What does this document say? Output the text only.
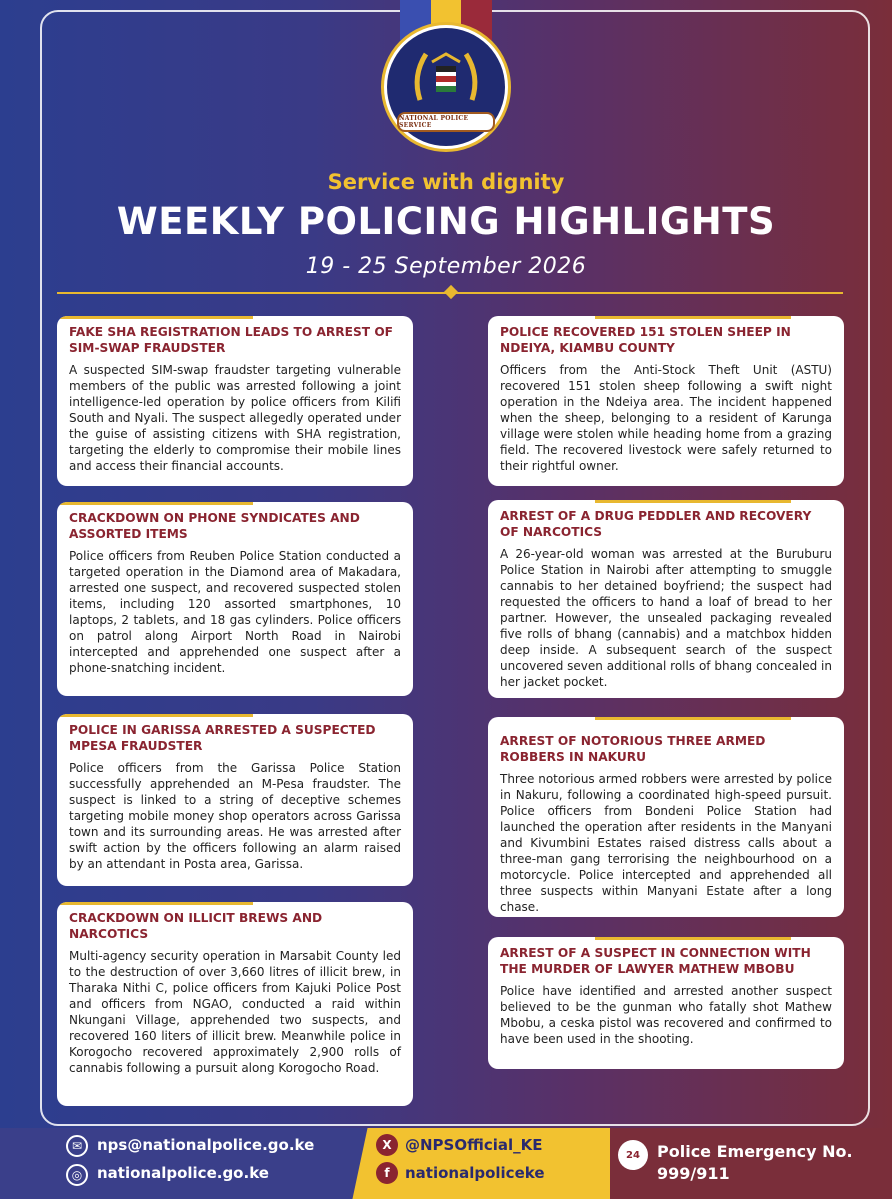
NATIONAL POLICE SERVICE
Service with dignity
WEEKLY POLICING HIGHLIGHTS
19 - 25 September 2026
FAKE SHA REGISTRATION LEADS TO ARREST OF SIM-SWAP FRAUDSTER

A suspected SIM-swap fraudster targeting vulnerable members of the public was arrested following a joint intelligence-led operation by police officers from Kilifi South and Nyali. The suspect allegedly operated under the guise of assisting citizens with SHA registration, targeting the elderly to compromise their mobile lines and access their financial accounts.

CRACKDOWN ON PHONE SYNDICATES AND ASSORTED ITEMS

Police officers from Reuben Police Station conducted a targeted operation in the Diamond area of Makadara, arrested one suspect, and recovered suspected stolen items, including 120 assorted smartphones, 10 laptops, 2 tablets, and 18 gas cylinders. Police officers on patrol along Airport North Road in Nairobi intercepted and apprehended one suspect after a phone-snatching incident.

POLICE IN GARISSA ARRESTED A SUSPECTED MPESA FRAUDSTER

Police officers from the Garissa Police Station successfully apprehended an M-Pesa fraudster. The suspect is linked to a string of deceptive schemes targeting mobile money shop operators across Garissa town and its surrounding areas. He was arrested after swift action by the officers following an alarm raised by an attendant in Posta area, Garissa.

CRACKDOWN ON ILLICIT BREWS AND NARCOTICS

Multi-agency security operation in Marsabit County led to the destruction of over 3,660 litres of illicit brew, in Tharaka Nithi C, police officers from Kajuki Police Post and officers from NGAO, conducted a raid within Nkungani Village, apprehended two suspects, and recovered 160 liters of illicit brew. Meanwhile police in Korogocho recovered approximately 2,900 rolls of cannabis following a pursuit along Korogocho Road.

POLICE RECOVERED 151 STOLEN SHEEP IN NDEIYA, KIAMBU COUNTY

Officers from the Anti-Stock Theft Unit (ASTU) recovered 151 stolen sheep following a swift night operation in the Ndeiya area. The incident happened when the sheep, belonging to a resident of Karunga village were stolen while heading home from a grazing field. The recovered livestock were safely returned to their rightful owner.

ARREST OF A DRUG PEDDLER AND RECOVERY OF NARCOTICS

A 26-year-old woman was arrested at the Buruburu Police Station in Nairobi after attempting to smuggle cannabis to her detained boyfriend; the suspect had requested the officers to hand a loaf of bread to her partner. However, the unsealed packaging revealed five rolls of bhang (cannabis) and a matchbox hidden deep inside. A subsequent search of the suspect uncovered seven additional rolls of bhang concealed in her jacket pocket.

ARREST OF NOTORIOUS THREE ARMED ROBBERS IN NAKURU

Three notorious armed robbers were arrested by police in Nakuru, following a coordinated high-speed pursuit. Police officers from Bondeni Police Station had launched the operation after residents in the Manyani and Kivumbini Estates raised distress calls about a three-man gang terrorising the neighbourhood on a motorcycle. Police intercepted and apprehended all three suspects within Manyani Estate after a long chase.

ARREST OF A SUSPECT IN CONNECTION WITH THE MURDER OF LAWYER MATHEW MBOBU

Police have identified and arrested another suspect believed to be the gunman who fatally shot Mathew Mbobu, a ceska pistol was recovered and confirmed to have been used in the shooting.

✉ nps@nationalpolice.go.ke
◎ nationalpolice.go.ke
X @NPSOfficial_KE
f	nationalpoliceke
24	Police Emergency No.
999/911
